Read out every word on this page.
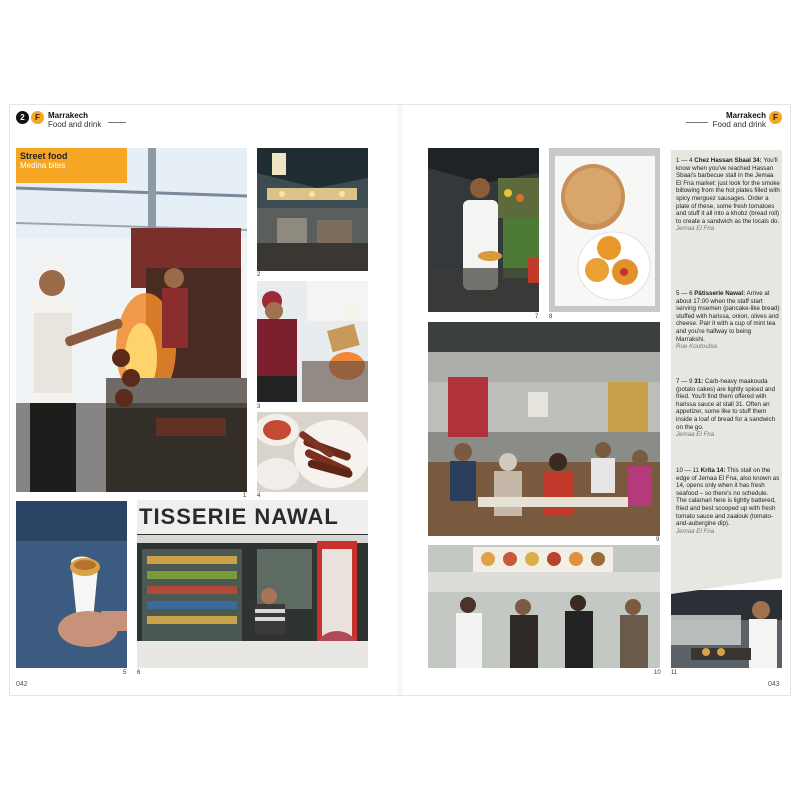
2	F	Marrakech
Food and drink
Marrakech
Food and drink
F
Street food
Medina bites
1
2
3
4
5
TISSERIE NAWAL
6
7 8
9
10 11
1 — 4 Chez Hassan Sbaai 34: You'll know when you've reached Hassan Sbaai's barbecue stall in the Jemaa El Fna market: just look for the smoke billowing from the hot plates filled with spicy merguez sausages. Order a plate of these, some fresh tomatoes and stuff it all into a khobz (bread roll) to create a sandwich as the locals do.
Jemaa El Fna
5 — 6 Pâtisserie Nawal: Arrive at about 17.00 when the staff start serving msemen (pancake-like bread) stuffed with harissa, onion, olives and cheese. Pair it with a cup of mint tea and you're halfway to being Marrakshi.
Rue Koutoubia
7 — 9 31: Carb-heavy maakouda (potato cakes) are lightly spiced and fried. You'll find them offered with harissa sauce at stall 31. Often an appetizer, some like to stuff them inside a loaf of bread for a sandwich on the go.
Jemaa El Fna
10 — 11 Krita 14: This stall on the edge of Jemaa El Fna, also known as 14, opens only when it has fresh seafood – so there's no schedule. The calamari here is lightly battered, fried and best scooped up with fresh tomato sauce and zaalouk (tomato-and-aubergine dip).
Jemaa El Fna
042	043
